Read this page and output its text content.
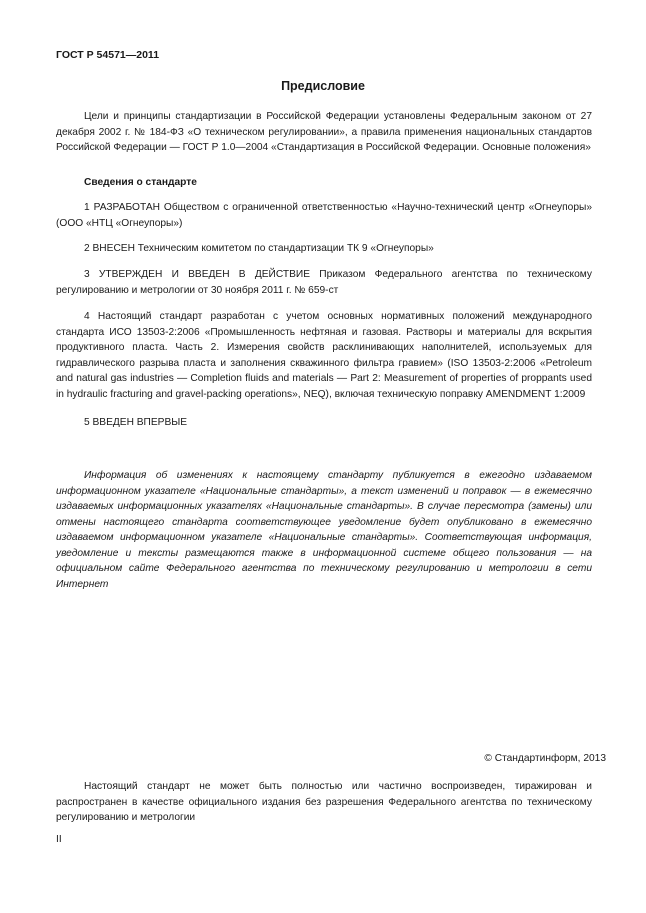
ГОСТ Р 54571—2011
Предисловие

Цели и принципы стандартизации в Российской Федерации установлены Федеральным законом от 27 декабря 2002 г. № 184-ФЗ «О техническом регулировании», а правила применения национальных стандартов Российской Федерации — ГОСТ Р 1.0—2004 «Стандартизация в Российской Федерации. Основные положения»

Сведения о стандарте

1 РАЗРАБОТАН Обществом с ограниченной ответственностью «Научно-технический центр «Огнеупоры» (ООО «НТЦ «Огнеупоры»)

2 ВНЕСЕН Техническим комитетом по стандартизации ТК 9 «Огнеупоры»

3 УТВЕРЖДЕН И ВВЕДЕН В ДЕЙСТВИЕ Приказом Федерального агентства по техническому регулированию и метрологии от 30 ноября 2011 г. № 659-ст

4 Настоящий стандарт разработан с учетом основных нормативных положений международного стандарта ИСО 13503-2:2006 «Промышленность нефтяная и газовая. Растворы и материалы для вскрытия продуктивного пласта. Часть 2. Измерения свойств расклинивающих наполнителей, используемых для гидравлического разрыва пласта и заполнения скважинного фильтра гравием» (ISO 13503-2:2006 «Petroleum and natural gas industries — Completion fluids and materials — Part 2: Measurement of properties of proppants used in hydraulic fracturing and gravel-packing operations», NEQ), включая техническую поправку AMENDMENT 1:2009

5 ВВЕДЕН ВПЕРВЫЕ

Информация об изменениях к настоящему стандарту публикуется в ежегодно издаваемом информационном указателе «Национальные стандарты», а текст изменений и поправок — в ежемесячно издаваемых информационных указателях «Национальные стандарты». В случае пересмотра (замены) или отмены настоящего стандарта соответствующее уведомление будет опубликовано в ежемесячно издаваемом информационном указателе «Национальные стандарты». Соответствующая информация, уведомление и тексты размещаются также в информационной системе общего пользования — на официальном сайте Федерального агентства по техническому регулированию и метрологии в сети Интернет

© Стандартинформ, 2013

Настоящий стандарт не может быть полностью или частично воспроизведен, тиражирован и распространен в качестве официального издания без разрешения Федерального агентства по техническому регулированию и метрологии

II
